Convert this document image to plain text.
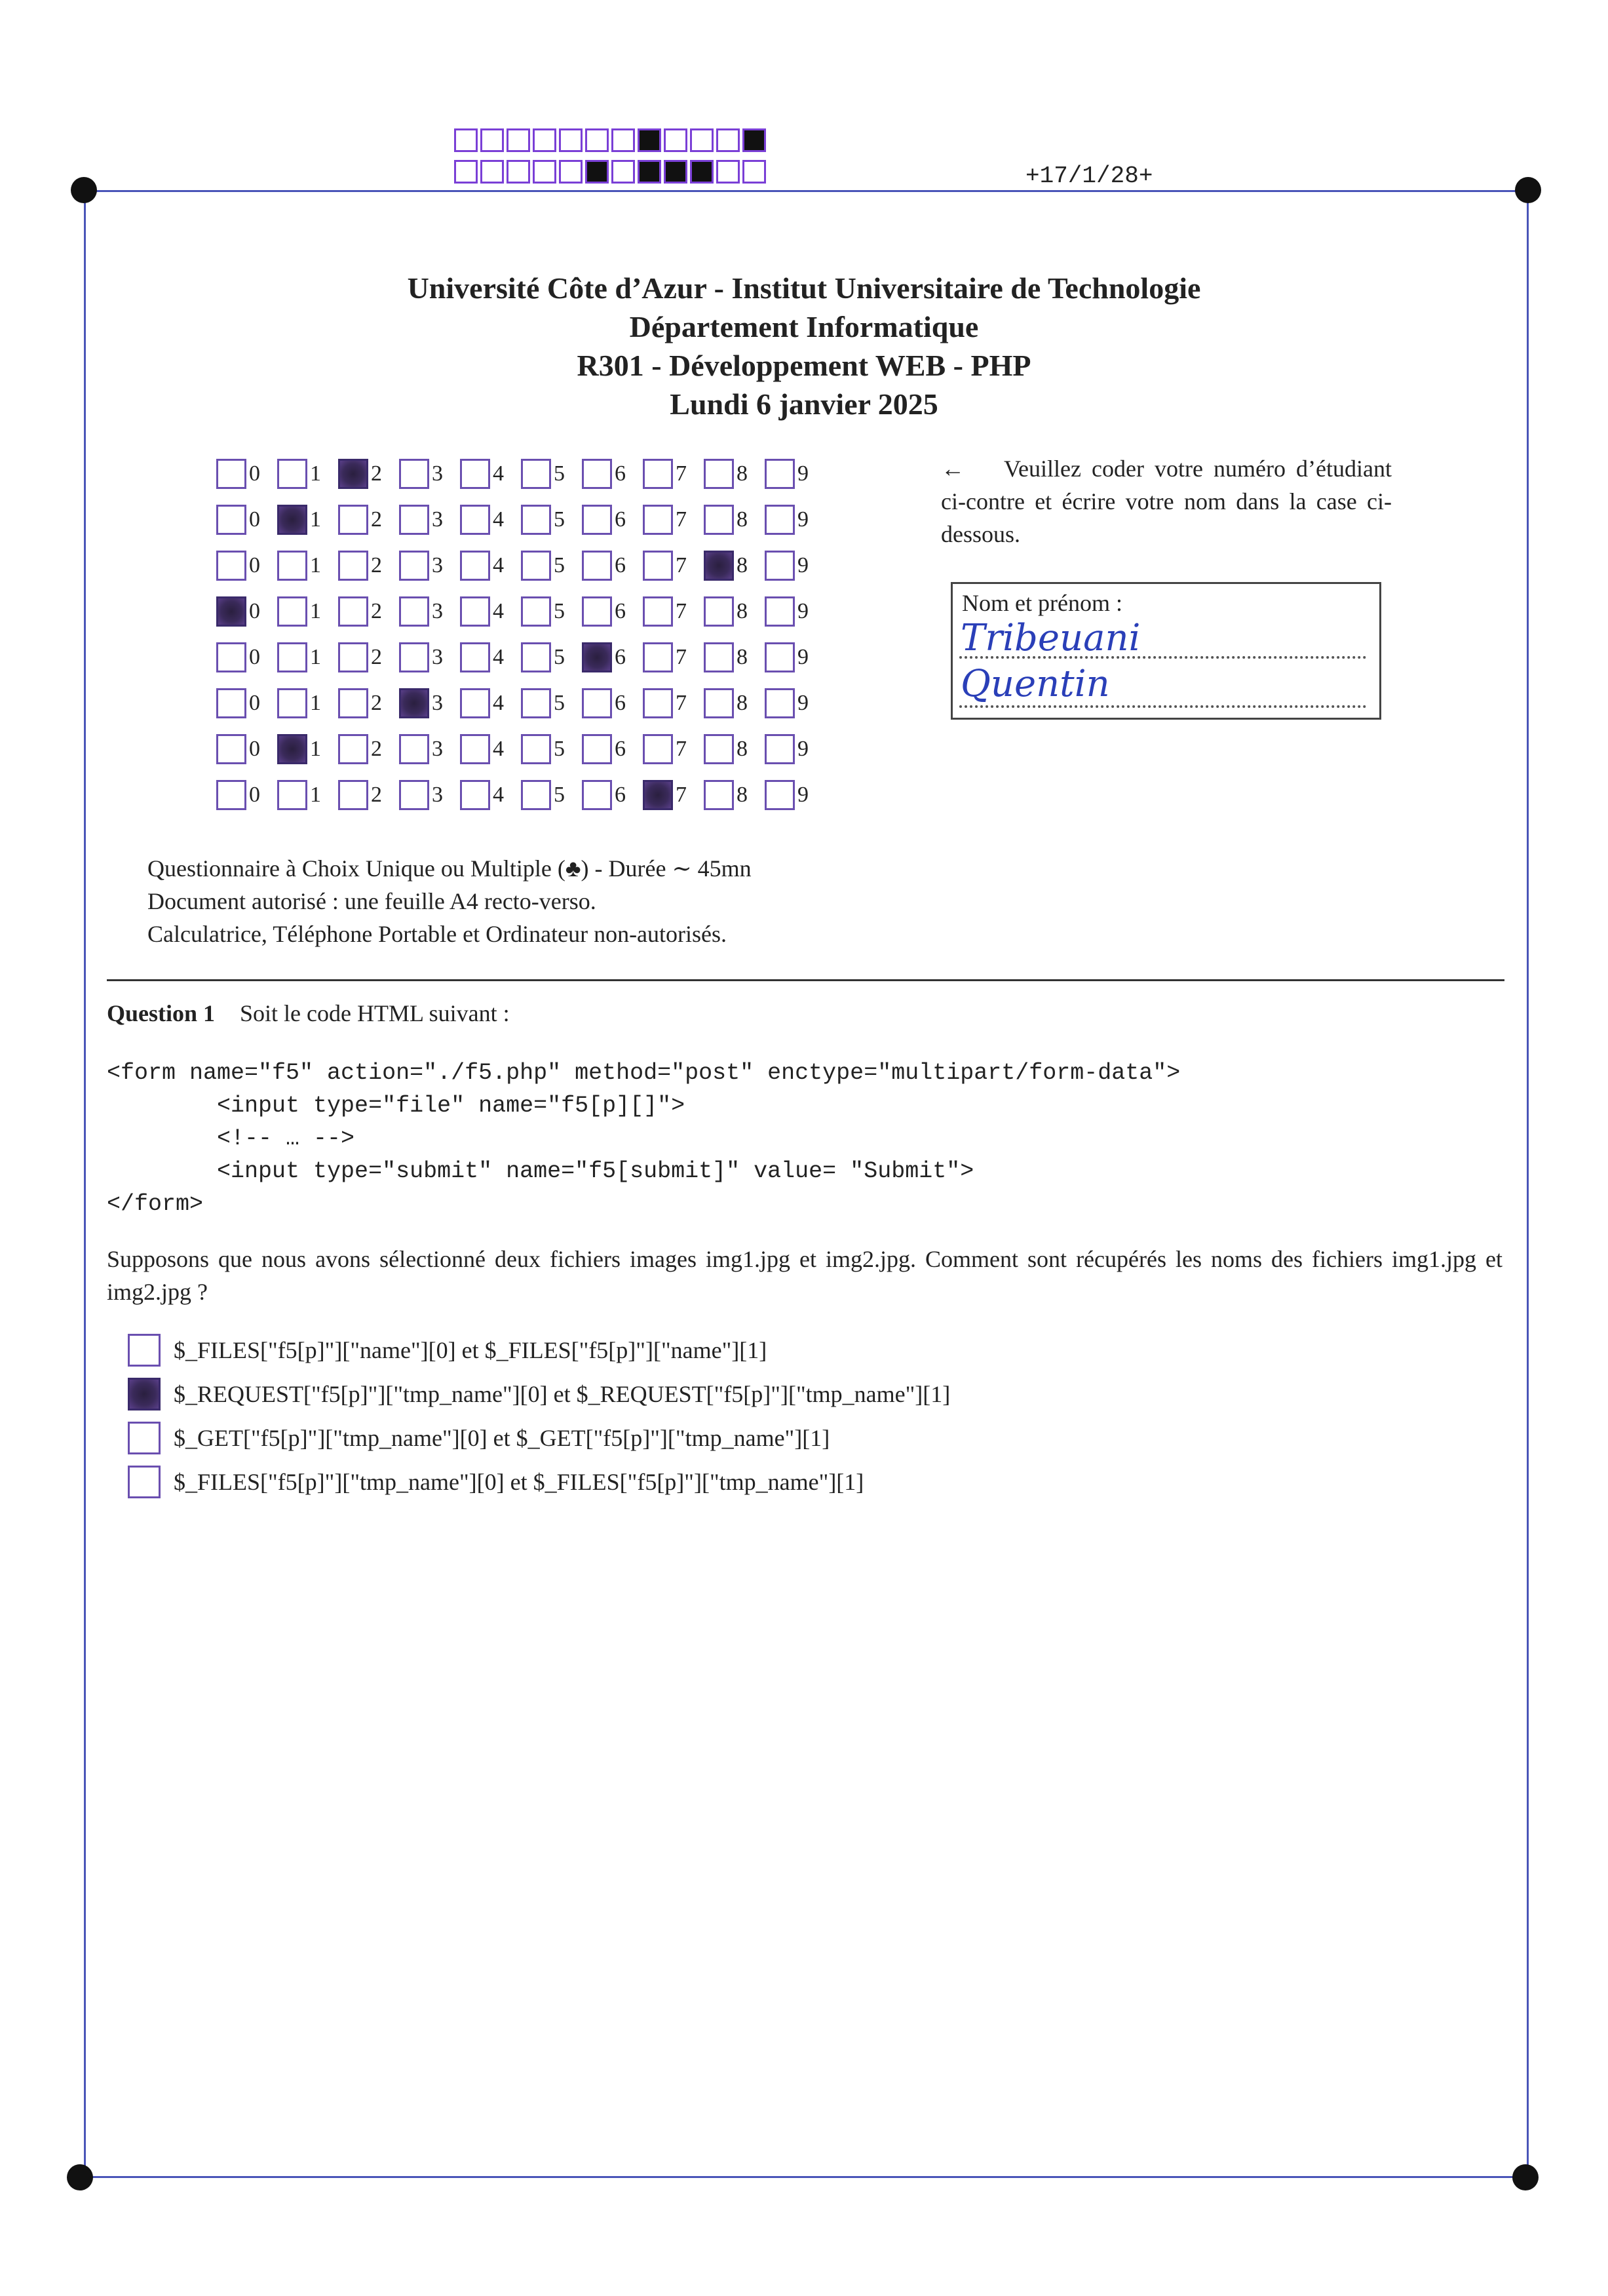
+17/1/28+
Université Côte d’Azur - Institut Universitaire de Technologie
Département Informatique
R301 - Développement WEB - PHP
Lundi 6 janvier 2025
0 1 2 3 4 5 6 7 8 9
0 1 2 3 4 5 6 7 8 9
0 1 2 3 4 5 6 7 8 9
0 1 2 3 4 5 6 7 8 9
0 1 2 3 4 5 6 7 8 9
0 1 2 3 4 5 6 7 8 9
0 1 2 3 4 5 6 7 8 9
0 1 2 3 4 5 6 7 8 9
← Veuillez coder votre numéro d’étudiant ci-contre et écrire votre nom dans la case ci-dessous.
Nom et prénom :
Tribeuani
Quentin
Questionnaire à Choix Unique ou Multiple (♣) - Durée ∼ 45mn
Document autorisé : une feuille A4 recto-verso.
Calculatrice, Téléphone Portable et Ordinateur non-autorisés.
Question 1 Soit le code HTML suivant :
<form name="f5" action="./f5.php" method="post" enctype="multipart/form-data">
<input type="file" name="f5[p][]">
<!-- … -->
<input type="submit" name="f5[submit]" value= "Submit">
</form>
Supposons que nous avons sélectionné deux fichiers images img1.jpg et img2.jpg. Comment sont récupérés les noms des fichiers img1.jpg et img2.jpg ?
$_FILES["f5[p]"]["name"][0] et $_FILES["f5[p]"]["name"][1]
$_REQUEST["f5[p]"]["tmp_name"][0] et $_REQUEST["f5[p]"]["tmp_name"][1]
$_GET["f5[p]"]["tmp_name"][0] et $_GET["f5[p]"]["tmp_name"][1]
$_FILES["f5[p]"]["tmp_name"][0] et $_FILES["f5[p]"]["tmp_name"][1]
